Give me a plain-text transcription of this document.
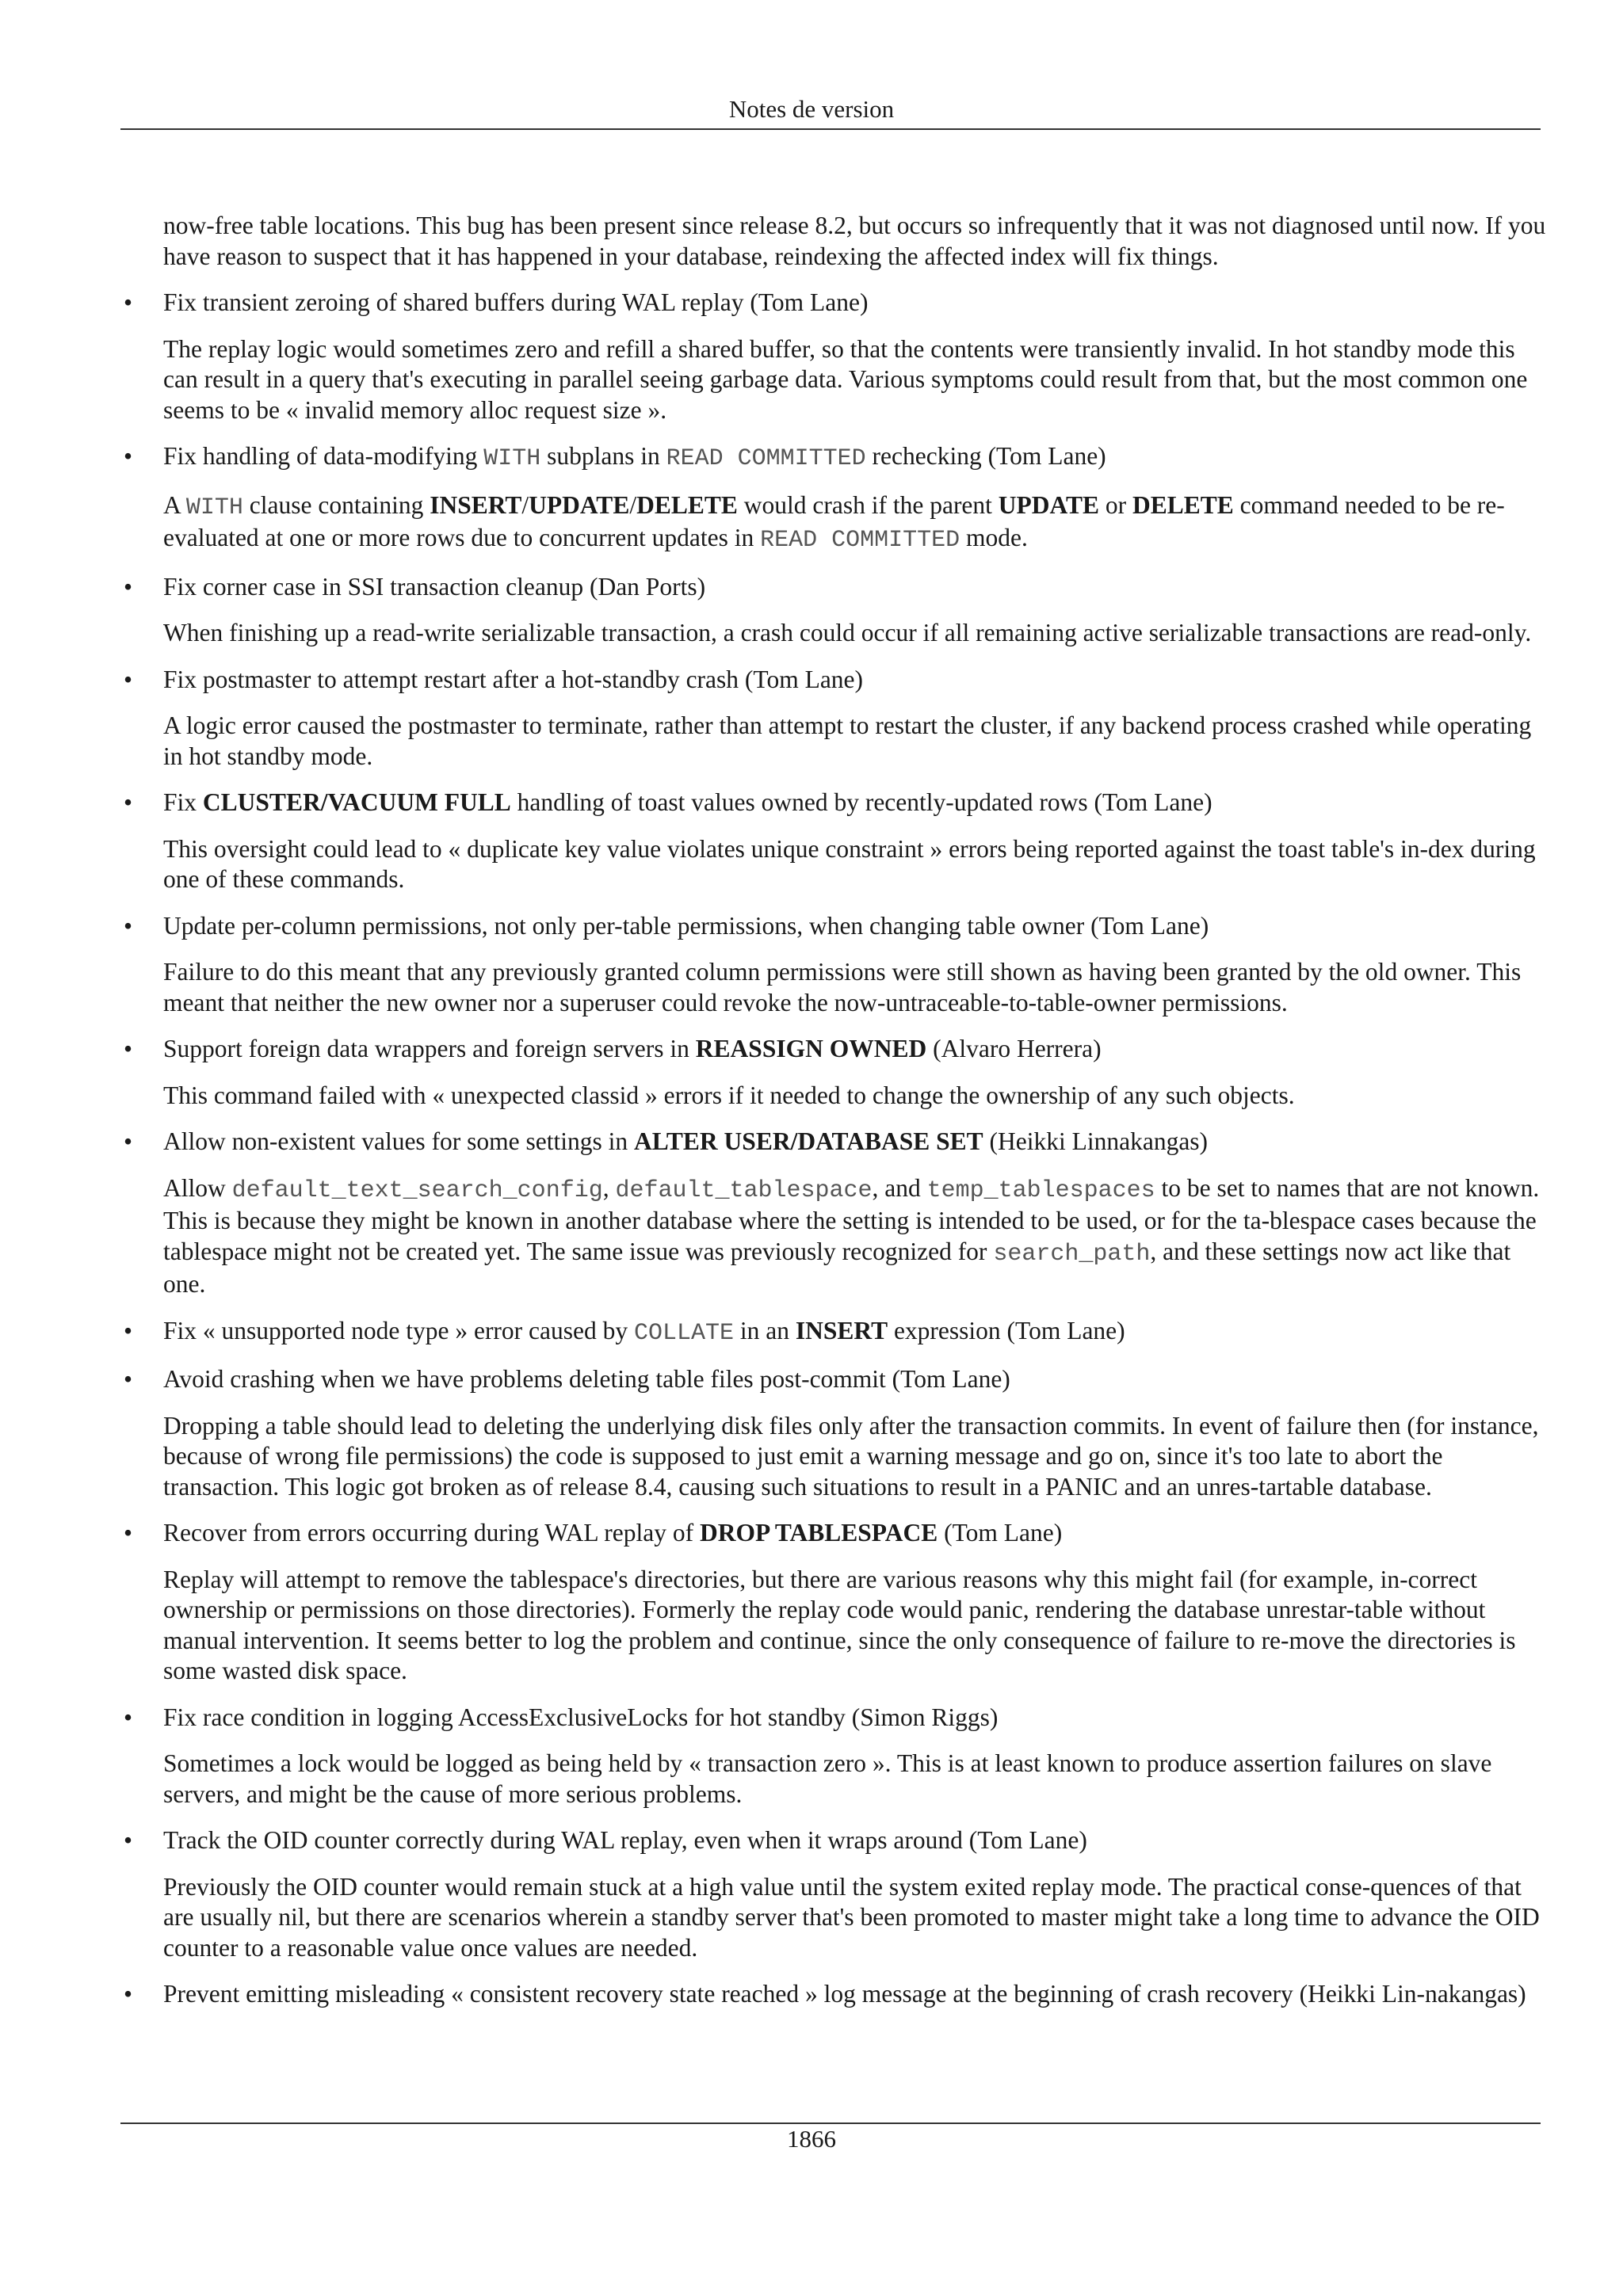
Notes de version

now-free table locations. This bug has been present since release 8.2, but occurs so infrequently that it was not diagnosed until now. If you have reason to suspect that it has happened in your database, reindexing the affected index will fix things.

• Fix transient zeroing of shared buffers during WAL replay (Tom Lane)

The replay logic would sometimes zero and refill a shared buffer, so that the contents were transiently invalid. In hot standby mode this can result in a query that's executing in parallel seeing garbage data. Various symptoms could result from that, but the most common one seems to be « invalid memory alloc request size ».

• Fix handling of data-modifying WITH subplans in READ COMMITTED rechecking (Tom Lane)

A WITH clause containing INSERT/UPDATE/DELETE would crash if the parent UPDATE or DELETE command needed to be re-evaluated at one or more rows due to concurrent updates in READ COMMITTED mode.

• Fix corner case in SSI transaction cleanup (Dan Ports)

When finishing up a read-write serializable transaction, a crash could occur if all remaining active serializable transactions are read-only.

• Fix postmaster to attempt restart after a hot-standby crash (Tom Lane)

A logic error caused the postmaster to terminate, rather than attempt to restart the cluster, if any backend process crashed while operating in hot standby mode.

• Fix CLUSTER/VACUUM FULL handling of toast values owned by recently-updated rows (Tom Lane)

This oversight could lead to « duplicate key value violates unique constraint » errors being reported against the toast table's in-dex during one of these commands.

• Update per-column permissions, not only per-table permissions, when changing table owner (Tom Lane)

Failure to do this meant that any previously granted column permissions were still shown as having been granted by the old owner. This meant that neither the new owner nor a superuser could revoke the now-untraceable-to-table-owner permissions.

• Support foreign data wrappers and foreign servers in REASSIGN OWNED (Alvaro Herrera)

This command failed with « unexpected classid » errors if it needed to change the ownership of any such objects.

• Allow non-existent values for some settings in ALTER USER/DATABASE SET (Heikki Linnakangas)

Allow default_text_search_config, default_tablespace, and temp_tablespaces to be set to names that are not known. This is because they might be known in another database where the setting is intended to be used, or for the ta-blespace cases because the tablespace might not be created yet. The same issue was previously recognized for search_path, and these settings now act like that one.

• Fix « unsupported node type » error caused by COLLATE in an INSERT expression (Tom Lane)

• Avoid crashing when we have problems deleting table files post-commit (Tom Lane)

Dropping a table should lead to deleting the underlying disk files only after the transaction commits. In event of failure then (for instance, because of wrong file permissions) the code is supposed to just emit a warning message and go on, since it's too late to abort the transaction. This logic got broken as of release 8.4, causing such situations to result in a PANIC and an unres-tartable database.

• Recover from errors occurring during WAL replay of DROP TABLESPACE (Tom Lane)

Replay will attempt to remove the tablespace's directories, but there are various reasons why this might fail (for example, in-correct ownership or permissions on those directories). Formerly the replay code would panic, rendering the database unrestar-table without manual intervention. It seems better to log the problem and continue, since the only consequence of failure to re-move the directories is some wasted disk space.

• Fix race condition in logging AccessExclusiveLocks for hot standby (Simon Riggs)

Sometimes a lock would be logged as being held by « transaction zero ». This is at least known to produce assertion failures on slave servers, and might be the cause of more serious problems.

• Track the OID counter correctly during WAL replay, even when it wraps around (Tom Lane)

Previously the OID counter would remain stuck at a high value until the system exited replay mode. The practical conse-quences of that are usually nil, but there are scenarios wherein a standby server that's been promoted to master might take a long time to advance the OID counter to a reasonable value once values are needed.

• Prevent emitting misleading « consistent recovery state reached » log message at the beginning of crash recovery (Heikki Lin-nakangas)

1866
